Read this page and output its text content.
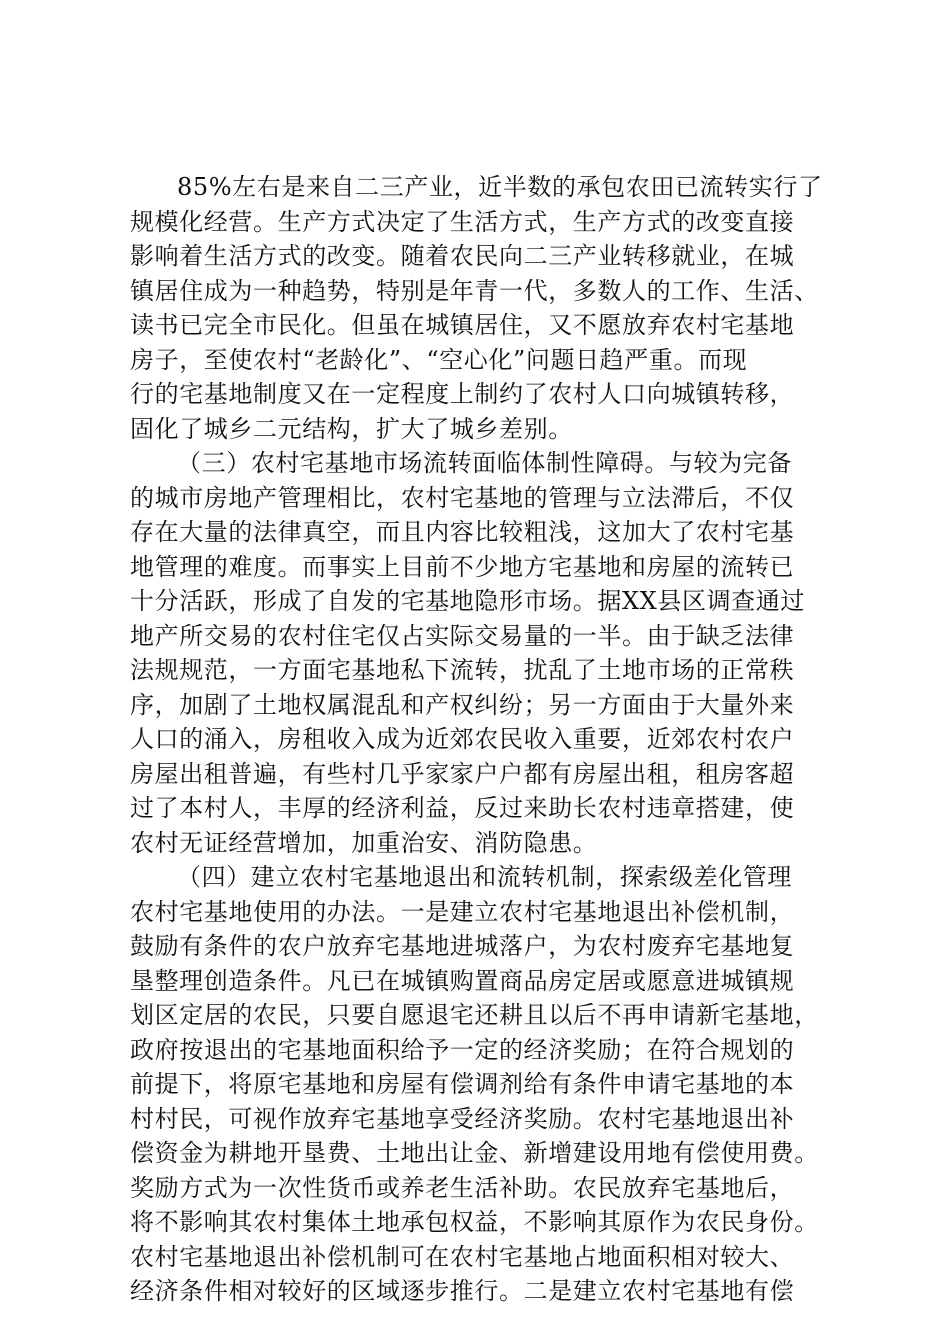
85%左右是来自二三产业，近半数的承包农田已流转实行了
规模化经营。生产方式决定了生活方式，生产方式的改变直接
影响着生活方式的改变。随着农民向二三产业转移就业，在城
镇居住成为一种趋势，特别是年青一代，多数人的工作、生活、
读书已完全市民化。但虽在城镇居住，又不愿放弃农村宅基地
房子，至使农村“老龄化”、“空心化”问题日趋严重。而现
行的宅基地制度又在一定程度上制约了农村人口向城镇转移，
固化了城乡二元结构，扩大了城乡差别。
（三）农村宅基地市场流转面临体制性障碍。与较为完备
的城市房地产管理相比，农村宅基地的管理与立法滞后，不仅
存在大量的法律真空，而且内容比较粗浅，这加大了农村宅基
地管理的难度。而事实上目前不少地方宅基地和房屋的流转已
十分活跃，形成了自发的宅基地隐形市场。据XX县区调查通过
地产所交易的农村住宅仅占实际交易量的一半。由于缺乏法律
法规规范，一方面宅基地私下流转，扰乱了土地市场的正常秩
序，加剧了土地权属混乱和产权纠纷；另一方面由于大量外来
人口的涌入，房租收入成为近郊农民收入重要，近郊农村农户
房屋出租普遍，有些村几乎家家户户都有房屋出租，租房客超
过了本村人，丰厚的经济利益，反过来助长农村违章搭建，使
农村无证经营增加，加重治安、消防隐患。
（四）建立农村宅基地退出和流转机制，探索级差化管理
农村宅基地使用的办法。一是建立农村宅基地退出补偿机制，
鼓励有条件的农户放弃宅基地进城落户，为农村废弃宅基地复
垦整理创造条件。凡已在城镇购置商品房定居或愿意进城镇规
划区定居的农民，只要自愿退宅还耕且以后不再申请新宅基地，
政府按退出的宅基地面积给予一定的经济奖励；在符合规划的
前提下，将原宅基地和房屋有偿调剂给有条件申请宅基地的本
村村民，可视作放弃宅基地享受经济奖励。农村宅基地退出补
偿资金为耕地开垦费、土地出让金、新增建设用地有偿使用费。
奖励方式为一次性货币或养老生活补助。农民放弃宅基地后，
将不影响其农村集体土地承包权益，不影响其原作为农民身份。
农村宅基地退出补偿机制可在农村宅基地占地面积相对较大、
经济条件相对较好的区域逐步推行。二是建立农村宅基地有偿
